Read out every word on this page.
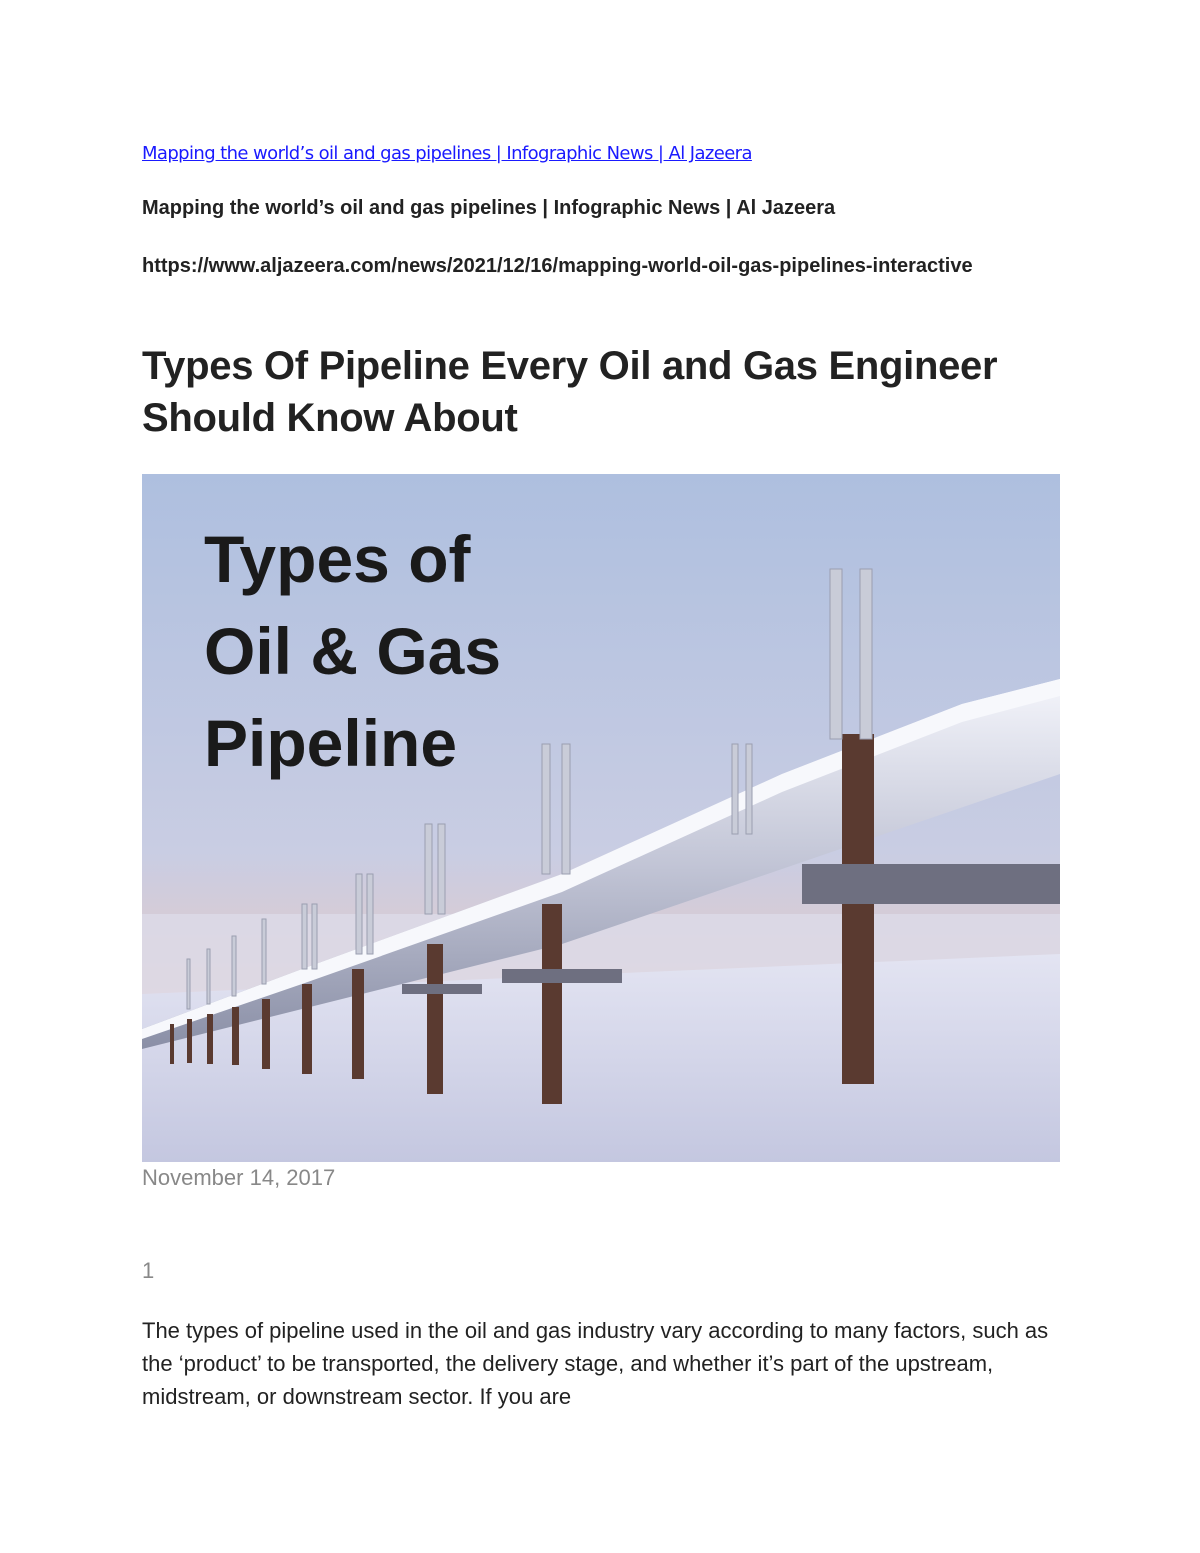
Mapping the world’s oil and gas pipelines | Infographic News | Al Jazeera
Mapping the world’s oil and gas pipelines | Infographic News | Al Jazeera
https://www.aljazeera.com/news/2021/12/16/mapping-world-oil-gas-pipelines-interactive
Types Of Pipeline Every Oil and Gas Engineer Should Know About
Types of
Oil & Gas
Pipeline
November 14, 2017
1

The types of pipeline used in the oil and gas industry vary according to many factors, such as the ‘product’ to be transported, the delivery stage, and whether it’s part of the upstream, midstream, or downstream sector. If you are
